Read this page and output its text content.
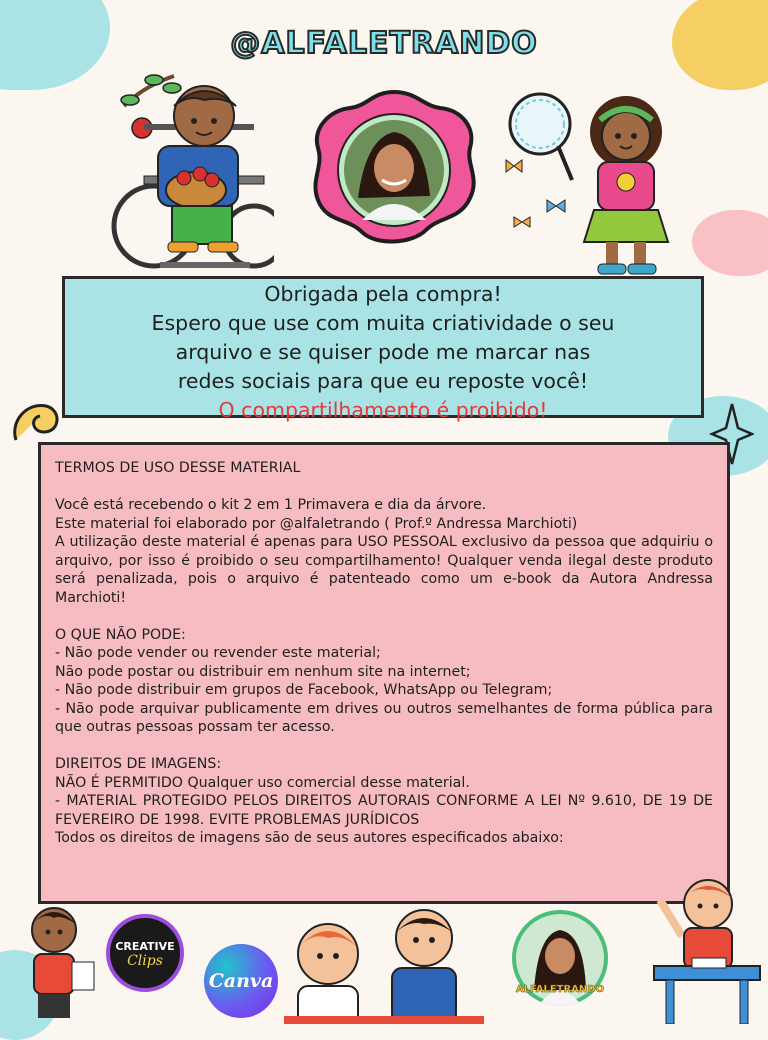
@ALFALETRANDO
Obrigada pela compra!
Espero que use com muita criatividade o seu
arquivo e se quiser pode me marcar nas
redes sociais para que eu reposte você!
O compartilhamento é proibido!

TERMOS DE USO DESSE MATERIAL

Você está recebendo o kit 2 em 1 Primavera e dia da árvore.

Este material foi elaborado por @alfaletrando ( Prof.º Andressa Marchioti)

A utilização deste material é apenas para USO PESSOAL exclusivo da pessoa que adquiriu o arquivo, por isso é proibido o seu compartilhamento! Qualquer venda ilegal deste produto será penalizada, pois o arquivo é patenteado como um e-book da Autora Andressa Marchioti!

O QUE NÃO PODE:

- Não pode vender ou revender este material;

Não pode postar ou distribuir em nenhum site na internet;

- Não pode distribuir em grupos de Facebook, WhatsApp ou Telegram;

- Não pode arquivar publicamente em drives ou outros semelhantes de forma pública para que outras pessoas possam ter acesso.

DIREITOS DE IMAGENS:

NÃO É PERMITIDO Qualquer uso comercial desse material.

- MATERIAL PROTEGIDO PELOS DIREITOS AUTORAIS CONFORME A LEI Nº 9.610, DE 19 DE FEVEREIRO DE 1998. EVITE PROBLEMAS JURÍDICOS

Todos os direitos de imagens são de seus autores especificados abaixo:

CREATIVE
Clips
Canva	ALFALETRANDO
